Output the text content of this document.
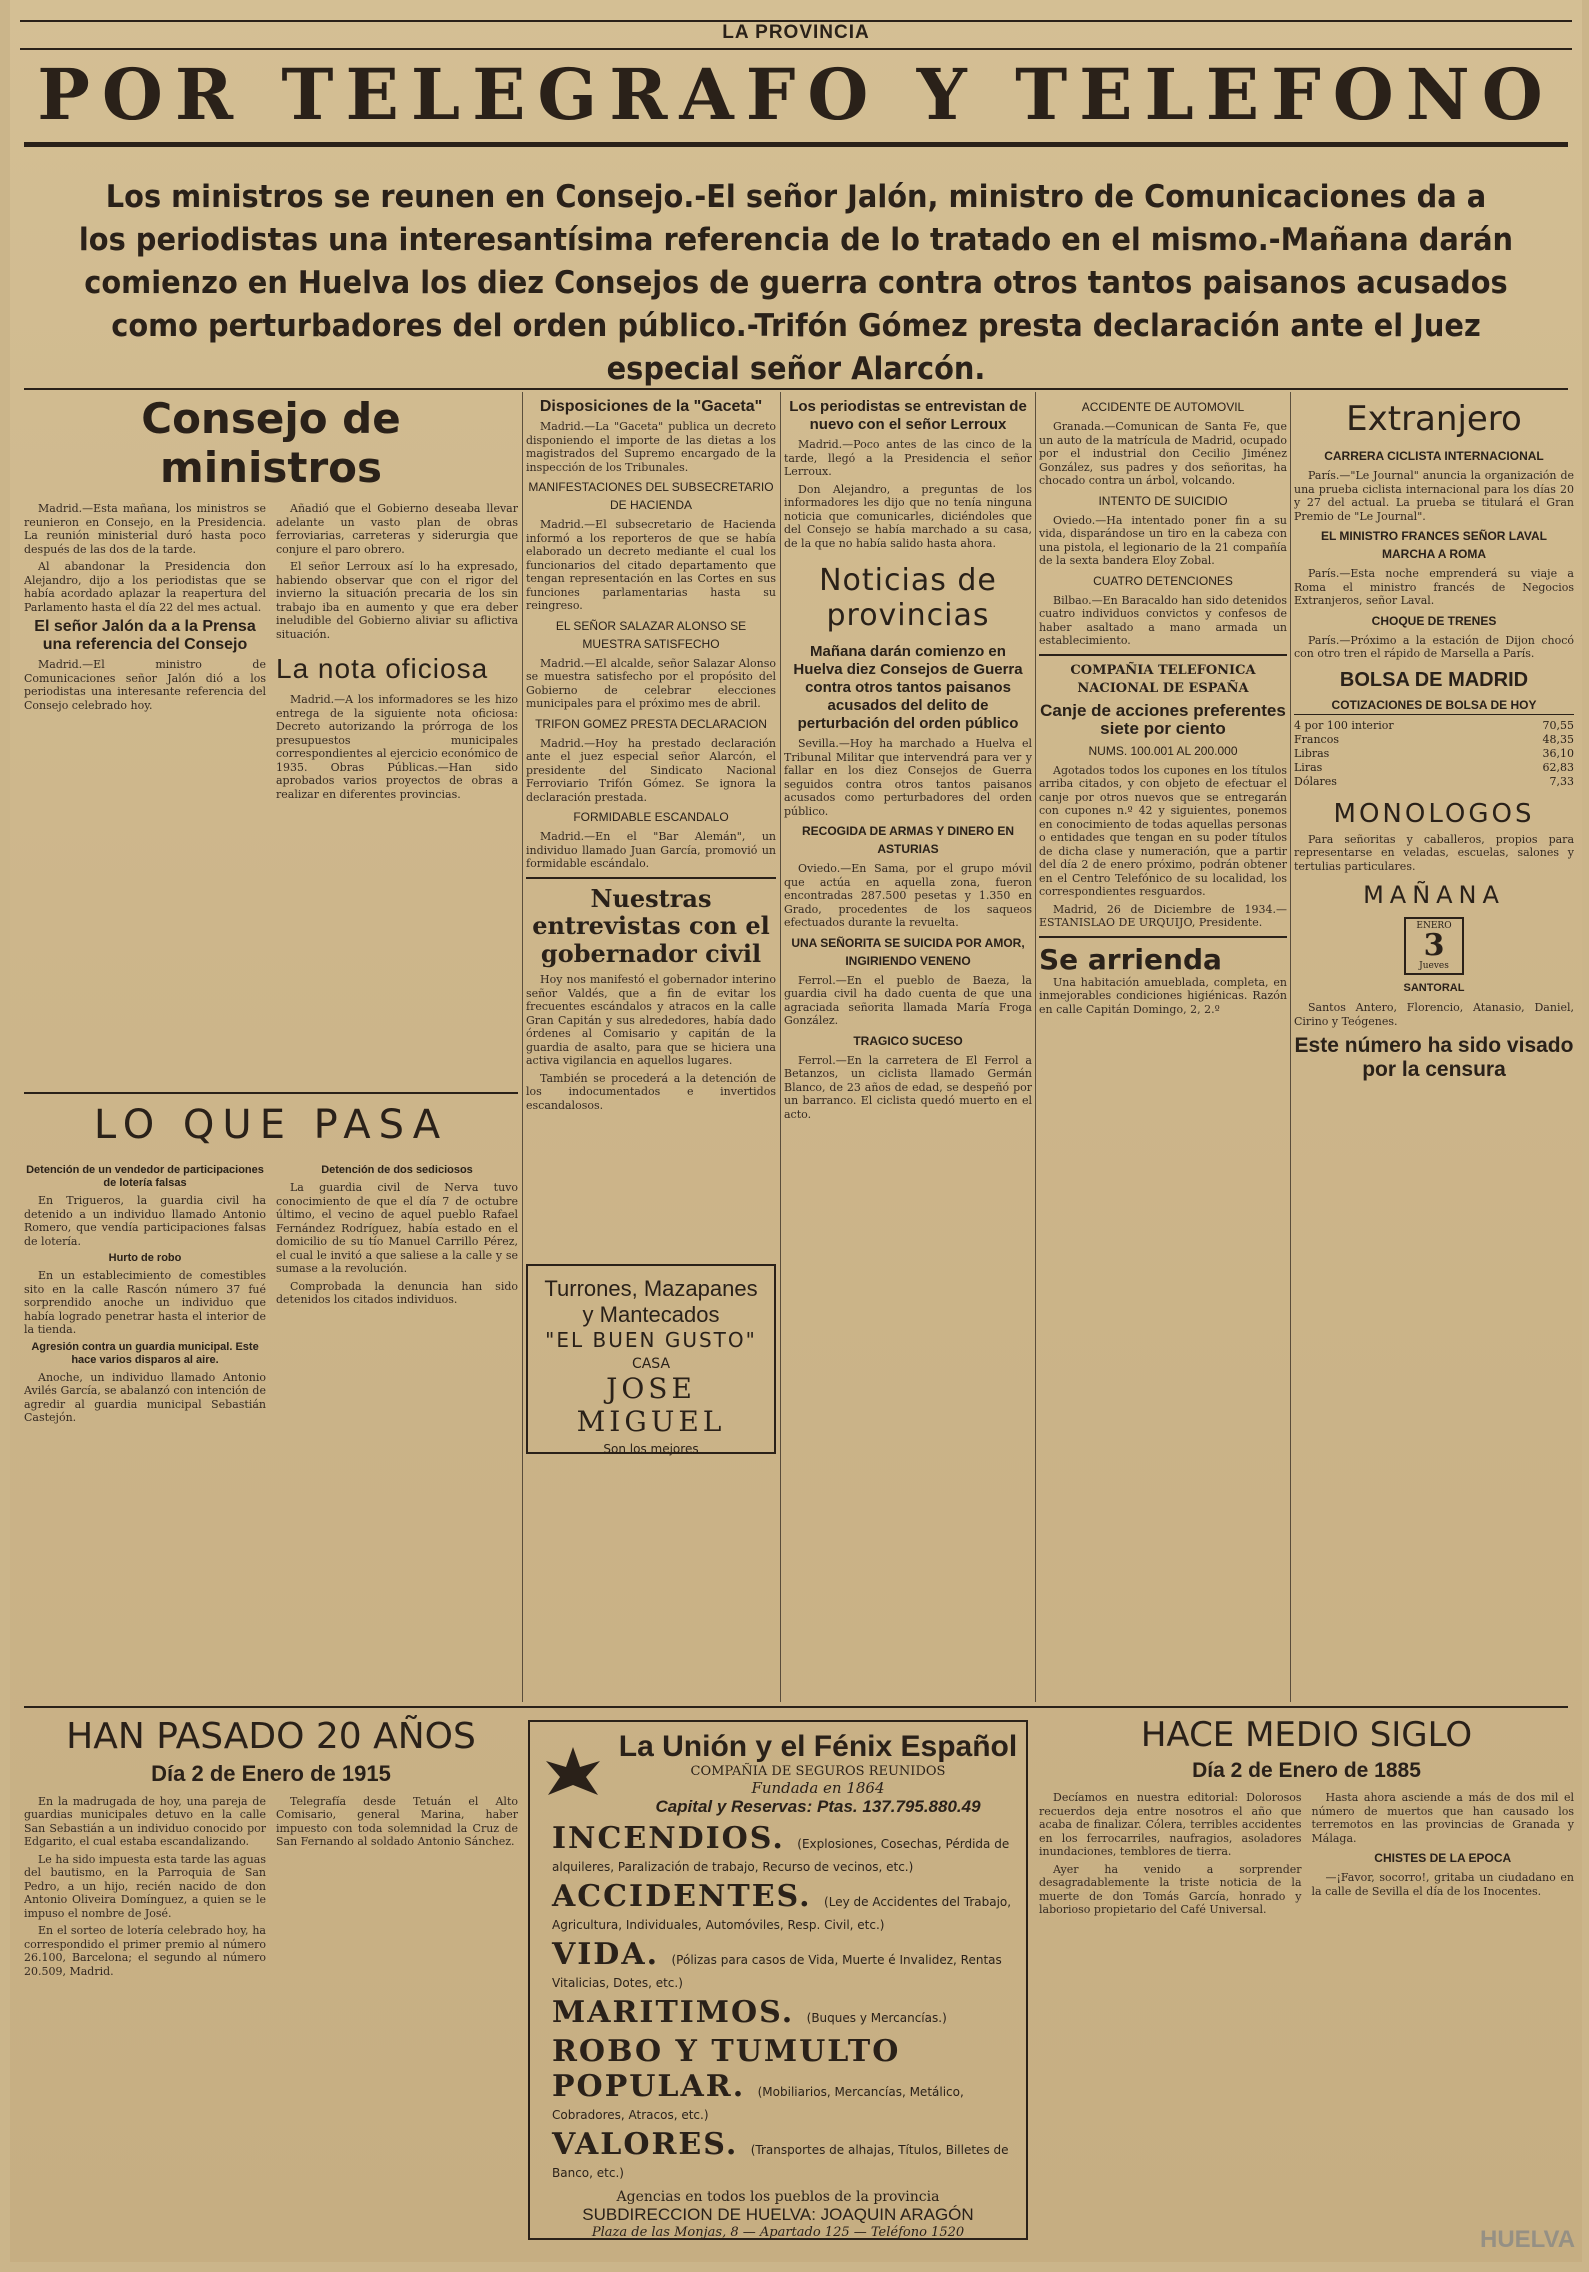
LA PROVINCIA
POR TELEGRAFO Y TELEFONO
Los ministros se reunen en Consejo.-El señor Jalón, ministro de Comunicaciones da a los periodistas una interesantísima referencia de lo tratado en el mismo.-Mañana darán comienzo en Huelva los diez Consejos de guerra contra otros tantos paisanos acusados como perturbadores del orden público.-Trifón Gómez presta declaración ante el Juez especial señor Alarcón.
Consejo de ministros

Madrid.—Esta mañana, los ministros se reunieron en Consejo, en la Presidencia. La reunión ministerial duró hasta poco después de las dos de la tarde.

Al abandonar la Presidencia don Alejandro, dijo a los periodistas que se había acordado aplazar la reapertura del Parlamento hasta el día 22 del mes actual.

El señor Jalón da a la Prensa una referencia del Consejo

Madrid.—El ministro de Comunicaciones señor Jalón dió a los periodistas una interesante referencia del Consejo celebrado hoy.

Añadió que el Gobierno deseaba llevar adelante un vasto plan de obras ferroviarias, carreteras y siderurgia que conjure el paro obrero.

El señor Lerroux así lo ha expresado, habiendo observar que con el rigor del invierno la situación precaria de los sin trabajo iba en aumento y que era deber ineludible del Gobierno aliviar su aflictiva situación.

La nota oficiosa

Madrid.—A los informadores se les hizo entrega de la siguiente nota oficiosa: Decreto autorizando la prórroga de los presupuestos municipales correspondientes al ejercicio económico de 1935. Obras Públicas.—Han sido aprobados varios proyectos de obras a realizar en diferentes provincias.

LO QUE PASA
Detención de un vendedor de participaciones de lotería falsas

En Trigueros, la guardia civil ha detenido a un individuo llamado Antonio Romero, que vendía participaciones falsas de lotería.

Hurto de robo

En un establecimiento de comestibles sito en la calle Rascón número 37 fué sorprendido anoche un individuo que había logrado penetrar hasta el interior de la tienda.

Agresión contra un guardia municipal. Este hace varios disparos al aire.

Anoche, un individuo llamado Antonio Avilés García, se abalanzó con intención de agredir al guardia municipal Sebastián Castejón.

Detención de dos sediciosos

La guardia civil de Nerva tuvo conocimiento de que el día 7 de octubre último, el vecino de aquel pueblo Rafael Fernández Rodríguez, había estado en el domicilio de su tío Manuel Carrillo Pérez, el cual le invitó a que saliese a la calle y se sumase a la revolución.

Comprobada la denuncia han sido detenidos los citados individuos.

Disposiciones de la "Gaceta"

Madrid.—La "Gaceta" publica un decreto disponiendo el importe de las dietas a los magistrados del Supremo encargado de la inspección de los Tribunales.

MANIFESTACIONES DEL SUBSECRETARIO DE HACIENDA

Madrid.—El subsecretario de Hacienda informó a los reporteros de que se había elaborado un decreto mediante el cual los funcionarios del citado departamento que tengan representación en las Cortes en sus funciones parlamentarias hasta su reingreso.

EL SEÑOR SALAZAR ALONSO SE MUESTRA SATISFECHO

Madrid.—El alcalde, señor Salazar Alonso se muestra satisfecho por el propósito del Gobierno de celebrar elecciones municipales para el próximo mes de abril.

TRIFON GOMEZ PRESTA DECLARACION

Madrid.—Hoy ha prestado declaración ante el juez especial señor Alarcón, el presidente del Sindicato Nacional Ferroviario Trifón Gómez. Se ignora la declaración prestada.

FORMIDABLE ESCANDALO

Madrid.—En el "Bar Alemán", un individuo llamado Juan García, promovió un formidable escándalo.

Nuestras entrevistas con el gobernador civil

Hoy nos manifestó el gobernador interino señor Valdés, que a fin de evitar los frecuentes escándalos y atracos en la calle Gran Capitán y sus alrededores, había dado órdenes al Comisario y capitán de la guardia de asalto, para que se hiciera una activa vigilancia en aquellos lugares.

También se procederá a la detención de los indocumentados e invertidos escandalosos.

Turrones, Mazapanes
y Mantecados
"EL BUEN GUSTO"
CASA
JOSE MIGUEL
Son los mejores
Los periodistas se entrevistan de nuevo con el señor Lerroux

Madrid.—Poco antes de las cinco de la tarde, llegó a la Presidencia el señor Lerroux.

Don Alejandro, a preguntas de los informadores les dijo que no tenía ninguna noticia que comunicarles, diciéndoles que del Consejo se había marchado a su casa, de la que no había salido hasta ahora.

Noticias de provincias
Mañana darán comienzo en Huelva diez Consejos de Guerra contra otros tantos paisanos acusados del delito de perturbación del orden público

Sevilla.—Hoy ha marchado a Huelva el Tribunal Militar que intervendrá para ver y fallar en los diez Consejos de Guerra seguidos contra otros tantos paisanos acusados como perturbadores del orden público.

RECOGIDA DE ARMAS Y DINERO EN ASTURIAS

Oviedo.—En Sama, por el grupo móvil que actúa en aquella zona, fueron encontradas 287.500 pesetas y 1.350 en Grado, procedentes de los saqueos efectuados durante la revuelta.

UNA SEÑORITA SE SUICIDA POR AMOR, INGIRIENDO VENENO

Ferrol.—En el pueblo de Baeza, la guardia civil ha dado cuenta de que una agraciada señorita llamada María Froga González.

TRAGICO SUCESO

Ferrol.—En la carretera de El Ferrol a Betanzos, un ciclista llamado Germán Blanco, de 23 años de edad, se despeñó por un barranco. El ciclista quedó muerto en el acto.

ACCIDENTE DE AUTOMOVIL

Granada.—Comunican de Santa Fe, que un auto de la matrícula de Madrid, ocupado por el industrial don Cecilio Jiménez González, sus padres y dos señoritas, ha chocado contra un árbol, volcando.

INTENTO DE SUICIDIO

Oviedo.—Ha intentado poner fin a su vida, disparándose un tiro en la cabeza con una pistola, el legionario de la 21 compañía de la sexta bandera Eloy Zobal.

CUATRO DETENCIONES

Bilbao.—En Baracaldo han sido detenidos cuatro individuos convictos y confesos de haber asaltado a mano armada un establecimiento.

COMPAÑIA TELEFONICA NACIONAL DE ESPAÑA
Canje de acciones preferentes siete por ciento
NUMS. 100.001 AL 200.000

Agotados todos los cupones en los títulos arriba citados, y con objeto de efectuar el canje por otros nuevos que se entregarán con cupones n.º 42 y siguientes, ponemos en conocimiento de todas aquellas personas o entidades que tengan en su poder títulos de dicha clase y numeración, que a partir del día 2 de enero próximo, podrán obtener en el Centro Telefónico de su localidad, los correspondientes resguardos.

Madrid, 26 de Diciembre de 1934.—ESTANISLAO DE URQUIJO, Presidente.

Se arrienda

Una habitación amueblada, completa, en inmejorables condiciones higiénicas. Razón en calle Capitán Domingo, 2, 2.º

Extranjero
CARRERA CICLISTA INTERNACIONAL

París.—"Le Journal" anuncia la organización de una prueba ciclista internacional para los días 20 y 27 del actual. La prueba se titulará el Gran Premio de "Le Journal".

EL MINISTRO FRANCES SEÑOR LAVAL MARCHA A ROMA

París.—Esta noche emprenderá su viaje a Roma el ministro francés de Negocios Extranjeros, señor Laval.

CHOQUE DE TRENES

París.—Próximo a la estación de Dijon chocó con otro tren el rápido de Marsella a París.

BOLSA DE MADRID
COTIZACIONES DE BOLSA DE HOY
4 por 100 interior	70,55
Francos	48,35
Libras	36,10
Liras	62,83
Dólares	7,33
MONOLOGOS

Para señoritas y caballeros, propios para representarse en veladas, escuelas, salones y tertulias particulares.

MAÑANA
ENERO
3
Jueves
SANTORAL

Santos Antero, Florencio, Atanasio, Daniel, Cirino y Teógenes.

Este número ha sido visado por la censura
HAN PASADO 20 AÑOS
Día 2 de Enero de 1915

En la madrugada de hoy, una pareja de guardias municipales detuvo en la calle San Sebastián a un individuo conocido por Edgarito, el cual estaba escandalizando.

Le ha sido impuesta esta tarde las aguas del bautismo, en la Parroquia de San Pedro, a un hijo, recién nacido de don Antonio Oliveira Domínguez, a quien se le impuso el nombre de José.

En el sorteo de lotería celebrado hoy, ha correspondido el primer premio al número 26.100, Barcelona; el segundo al número 20.509, Madrid.

Telegrafía desde Tetuán el Alto Comisario, general Marina, haber impuesto con toda solemnidad la Cruz de San Fernando al soldado Antonio Sánchez.

La Unión y el Fénix Español
COMPAÑIA DE SEGUROS REUNIDOS
Fundada en 1864
Capital y Reservas: Ptas. 137.795.880.49
INCENDIOS. (Explosiones, Cosechas, Pérdida de alquileres, Paralización de trabajo, Recurso de vecinos, etc.)
ACCIDENTES. (Ley de Accidentes del Trabajo, Agricultura, Individuales, Automóviles, Resp. Civil, etc.)
VIDA. (Pólizas para casos de Vida, Muerte é Invalidez, Rentas Vitalicias, Dotes, etc.)
MARITIMOS. (Buques y Mercancías.)
ROBO Y TUMULTO POPULAR. (Mobiliarios, Mercancías, Metálico, Cobradores, Atracos, etc.)
VALORES. (Transportes de alhajas, Títulos, Billetes de Banco, etc.)
Agencias en todos los pueblos de la provincia
SUBDIRECCION DE HUELVA: JOAQUIN ARAGÓN
Plaza de las Monjas, 8 — Apartado 125 — Teléfono 1520
HACE MEDIO SIGLO
Día 2 de Enero de 1885

Decíamos en nuestra editorial: Dolorosos recuerdos deja entre nosotros el año que acaba de finalizar. Cólera, terribles accidentes en los ferrocarriles, naufragios, asoladores inundaciones, temblores de tierra.

Ayer ha venido a sorprender desagradablemente la triste noticia de la muerte de don Tomás García, honrado y laborioso propietario del Café Universal.

Hasta ahora asciende a más de dos mil el número de muertos que han causado los terremotos en las provincias de Granada y Málaga.

CHISTES DE LA EPOCA

—¡Favor, socorro!, gritaba un ciudadano en la calle de Sevilla el día de los Inocentes.

HUELVA
